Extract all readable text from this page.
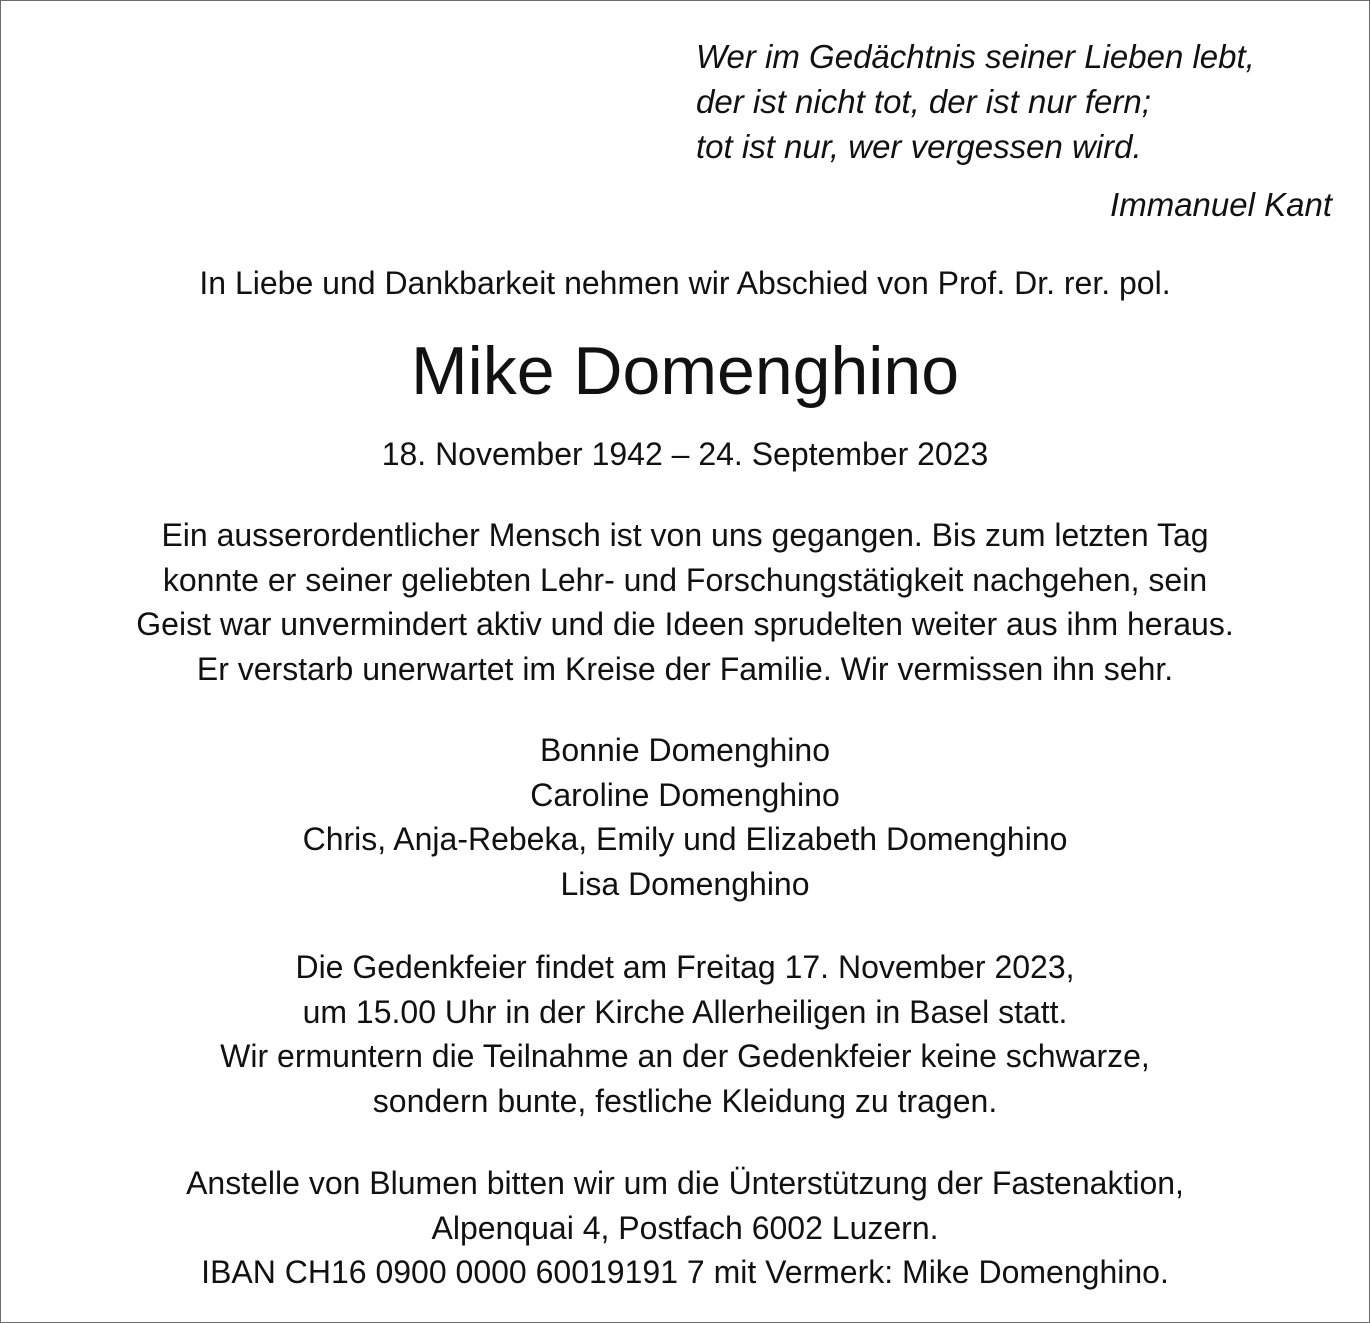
Wer im Gedächtnis seiner Lieben lebt,
der ist nicht tot, der ist nur fern;
tot ist nur, wer vergessen wird.
Immanuel Kant
In Liebe und Dankbarkeit nehmen wir Abschied von Prof. Dr. rer. pol.
Mike Domenghino
18. November 1942 – 24. September 2023
Ein ausserordentlicher Mensch ist von uns gegangen. Bis zum letzten Tag
konnte er seiner geliebten Lehr- und Forschungstätigkeit nachgehen, sein
Geist war unvermindert aktiv und die Ideen sprudelten weiter aus ihm heraus.
Er verstarb unerwartet im Kreise der Familie. Wir vermissen ihn sehr.
Bonnie Domenghino
Caroline Domenghino
Chris, Anja-Rebeka, Emily und Elizabeth Domenghino
Lisa Domenghino
Die Gedenkfeier findet am Freitag 17. November 2023,
um 15.00 Uhr in der Kirche Allerheiligen in Basel statt.
Wir ermuntern die Teilnahme an der Gedenkfeier keine schwarze,
sondern bunte, festliche Kleidung zu tragen.
Anstelle von Blumen bitten wir um die Ünterstützung der Fastenaktion,
Alpenquai 4, Postfach 6002 Luzern.
IBAN CH16 0900 0000 60019191 7 mit Vermerk: Mike Domenghino.
